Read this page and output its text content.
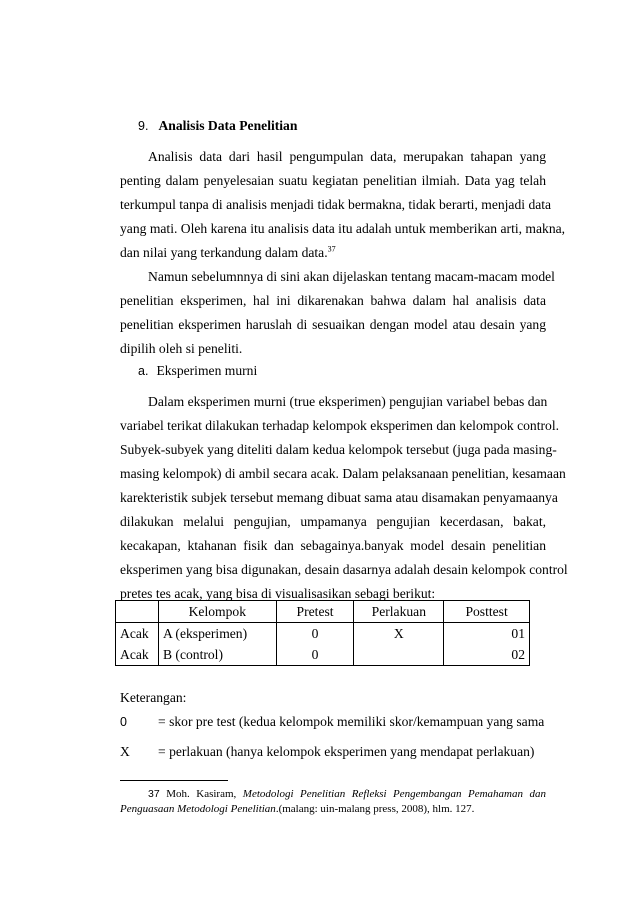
9. Analisis Data Penelitian
Analisis data dari hasil pengumpulan data, merupakan tahapan yang
penting dalam penyelesaian suatu kegiatan penelitian ilmiah. Data yag telah
terkumpul tanpa di analisis menjadi tidak bermakna, tidak berarti, menjadi data
yang mati. Oleh karena itu analisis data itu adalah untuk memberikan arti, makna,
dan nilai yang terkandung dalam data.$^{37}$
Namun sebelumnnya di sini akan dijelaskan tentang macam-macam model
penelitian eksperimen, hal ini dikarenakan bahwa dalam hal analisis data
penelitian eksperimen haruslah di sesuaikan dengan model atau desain yang
dipilih oleh si peneliti.
a. Eksperimen murni
Dalam eksperimen murni (true eksperimen) pengujian variabel bebas dan
variabel terikat dilakukan terhadap kelompok eksperimen dan kelompok control.
Subyek-subyek yang diteliti dalam kedua kelompok tersebut (juga pada masing-
masing kelompok) di ambil secara acak. Dalam pelaksanaan penelitian, kesamaan
karekteristik subjek tersebut memang dibuat sama atau disamakan penyamaanya
dilakukan melalui pengujian, umpamanya pengujian kecerdasan, bakat,
kecakapan, ktahanan fisik dan sebagainya.banyak model desain penelitian
eksperimen yang bisa digunakan, desain dasarnya adalah desain kelompok control
pretes tes acak, yang bisa di visualisasikan sebagi berikut:
	Kelompok	Pretest	Perlakuan	Posttest
Acak	A (eksperimen)	0	X	01
Acak	B (control)	0		02
Keterangan:
0 = skor pre test (kedua kelompok memiliki skor/kemampuan yang sama
X = perlakuan (hanya kelompok eksperimen yang mendapat perlakuan)
37 Moh. Kasiram, Metodologi Penelitian Refleksi Pengembangan Pemahaman dan
Penguasaan Metodologi Penelitian.(malang: uin-malang press, 2008), hlm. 127.
